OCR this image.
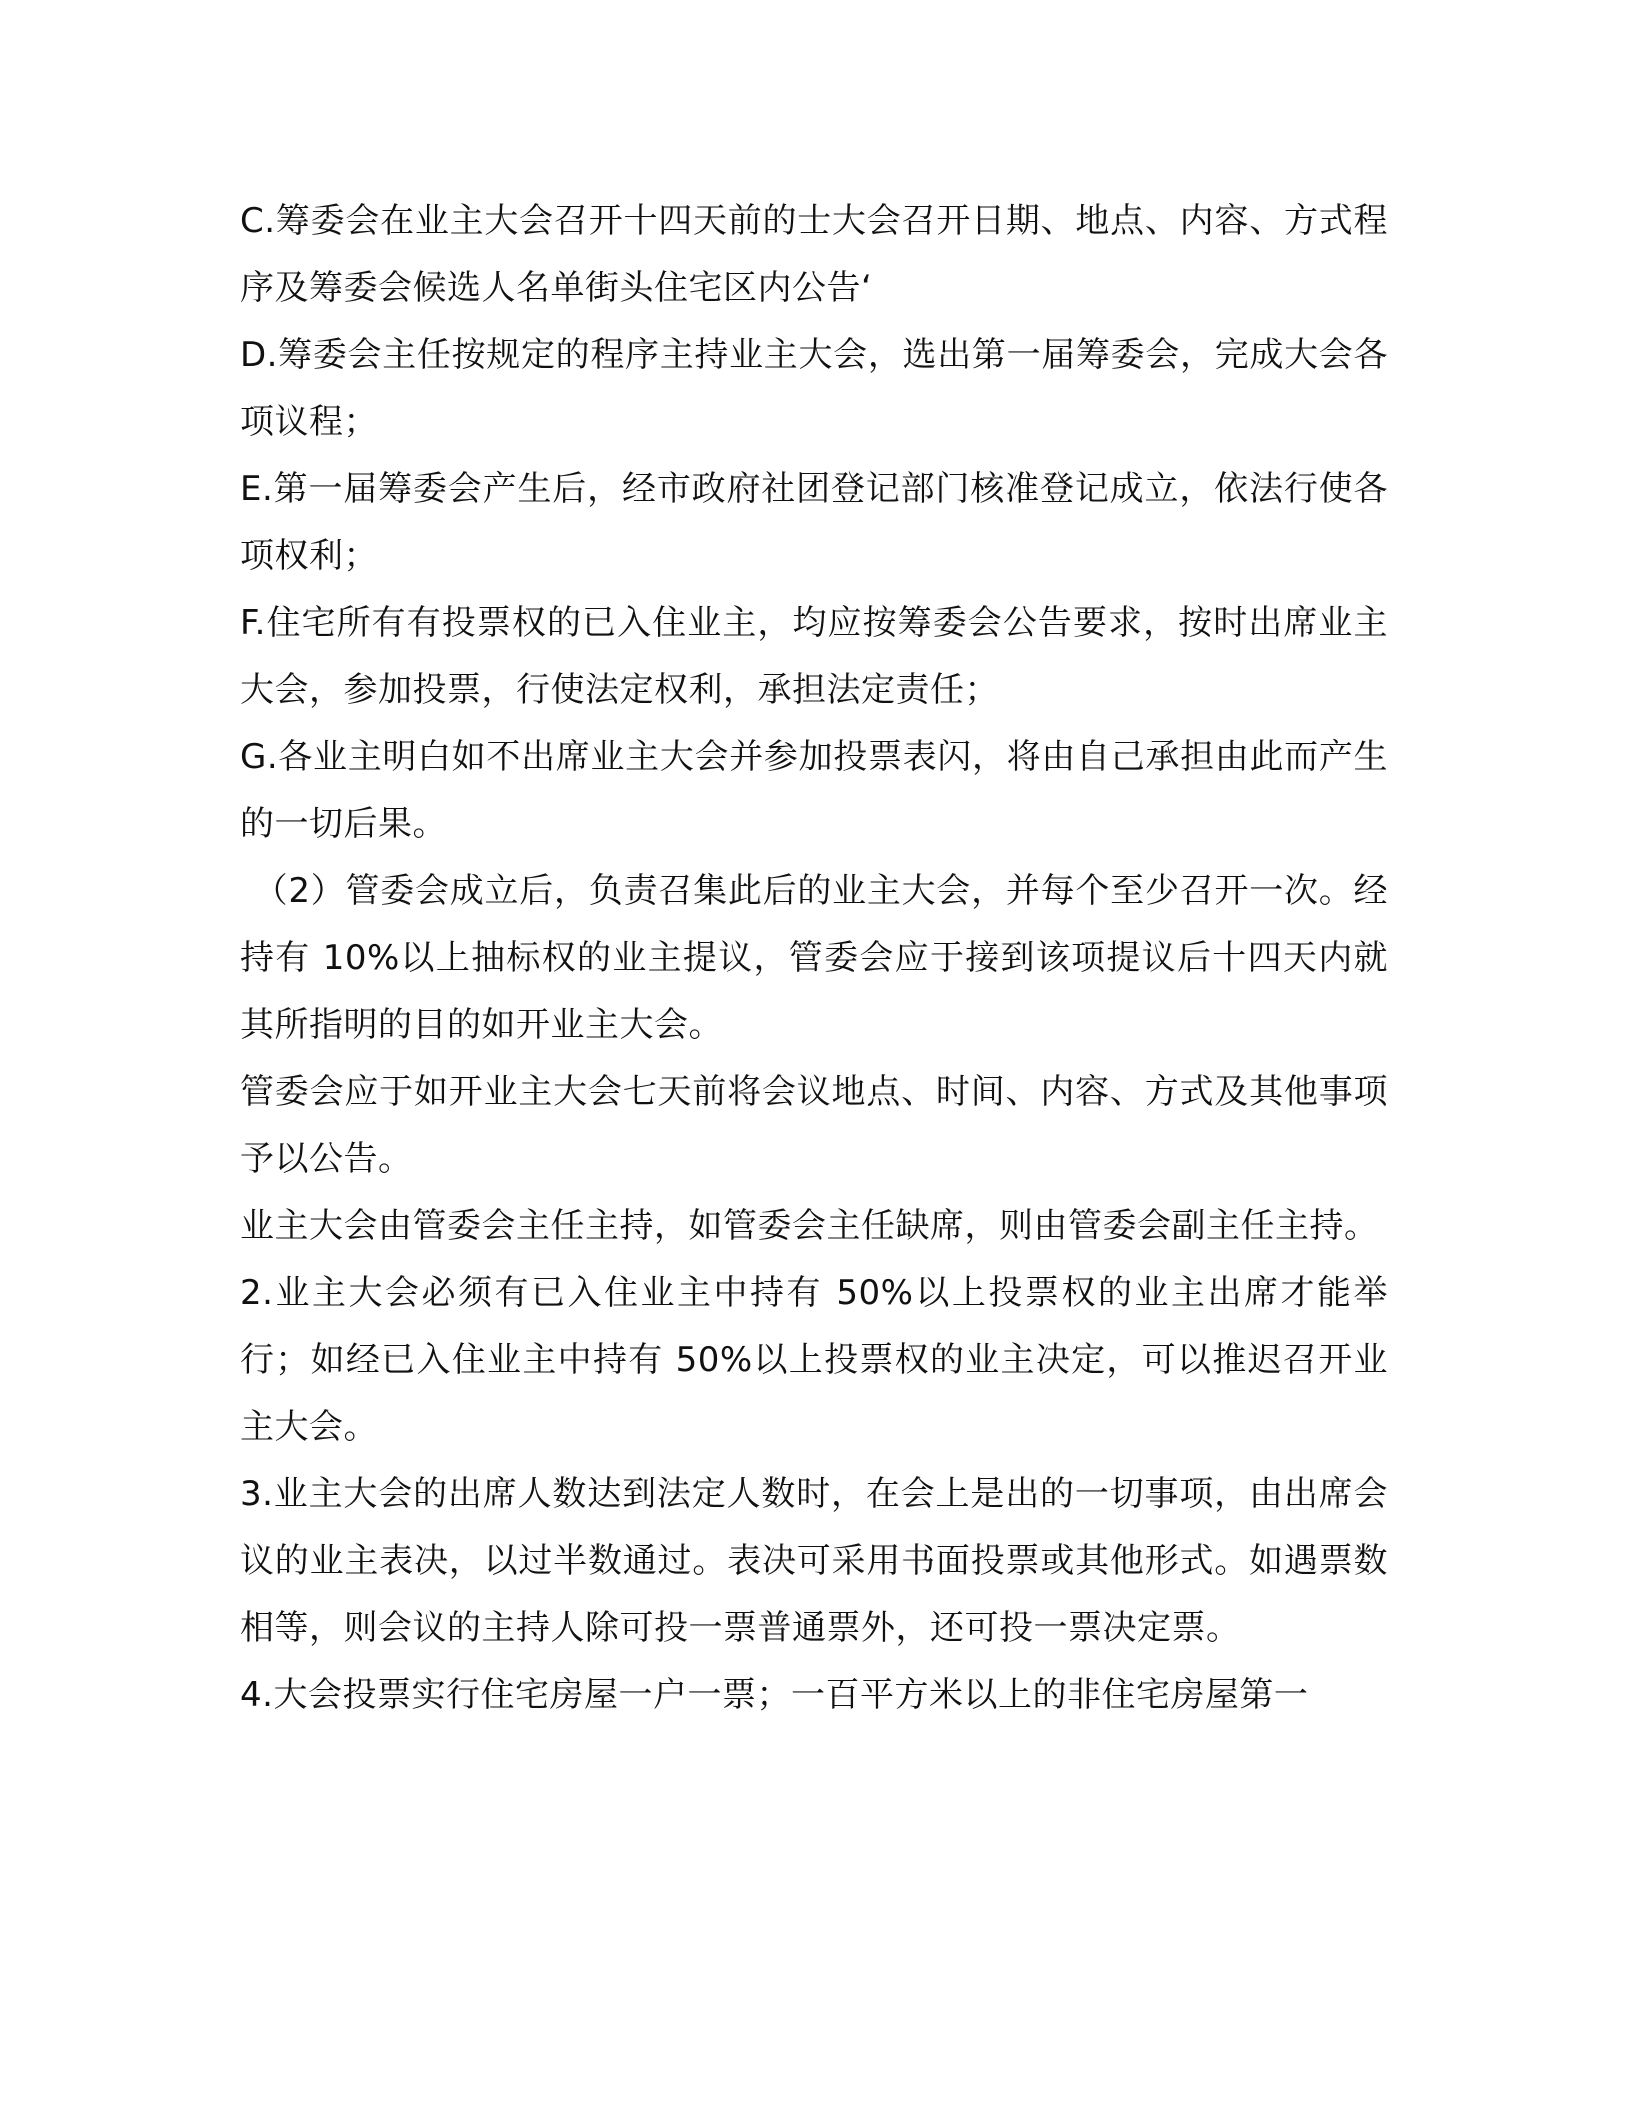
C.筹委会在业主大会召开十四天前的士大会召开日期、地点、内容、方式程序及筹委会候选人名单街头住宅区内公告‘

D.筹委会主任按规定的程序主持业主大会，选出第一届筹委会，完成大会各项议程；

E.第一届筹委会产生后，经市政府社团登记部门核准登记成立，依法行使各项权利；

F.住宅所有有投票权的已入住业主，均应按筹委会公告要求，按时出席业主大会，参加投票，行使法定权利，承担法定责任；

G.各业主明白如不出席业主大会并参加投票表闪，将由自己承担由此而产生的一切后果。

（2）管委会成立后，负责召集此后的业主大会，并每个至少召开一次。经持有 10%以上抽标权的业主提议，管委会应于接到该项提议后十四天内就其所指明的目的如开业主大会。

管委会应于如开业主大会七天前将会议地点、时间、内容、方式及其他事项予以公告。

业主大会由管委会主任主持，如管委会主任缺席，则由管委会副主任主持。

2.业主大会必须有已入住业主中持有 50%以上投票权的业主出席才能举行；如经已入住业主中持有 50%以上投票权的业主决定，可以推迟召开业主大会。

3.业主大会的出席人数达到法定人数时，在会上是出的一切事项，由出席会议的业主表决，以过半数通过。表决可采用书面投票或其他形式。如遇票数相等，则会议的主持人除可投一票普通票外，还可投一票决定票。

4.大会投票实行住宅房屋一户一票；一百平方米以上的非住宅房屋第一
